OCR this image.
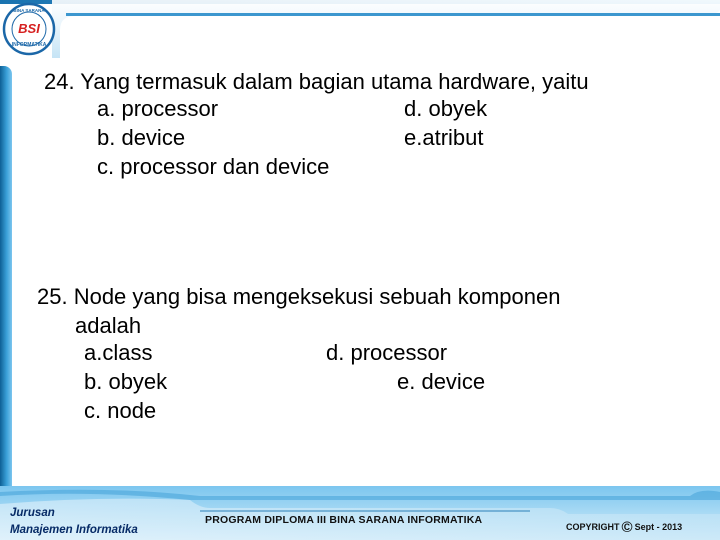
BSI
INFORMATIKA
BINA SARANA
24. Yang termasuk dalam bagian utama hardware, yaitu
a. processor
b. device
c. processor dan device
d. obyek
e.atribut
25. Node yang bisa mengeksekusi sebuah komponen
adalah
a.class
b. obyek
c. node
d. processor
e. device
Jurusan
Manajemen Informatika
PROGRAM DIPLOMA III BINA SARANA INFORMATIKA
COPYRIGHT © Sept - 2013
